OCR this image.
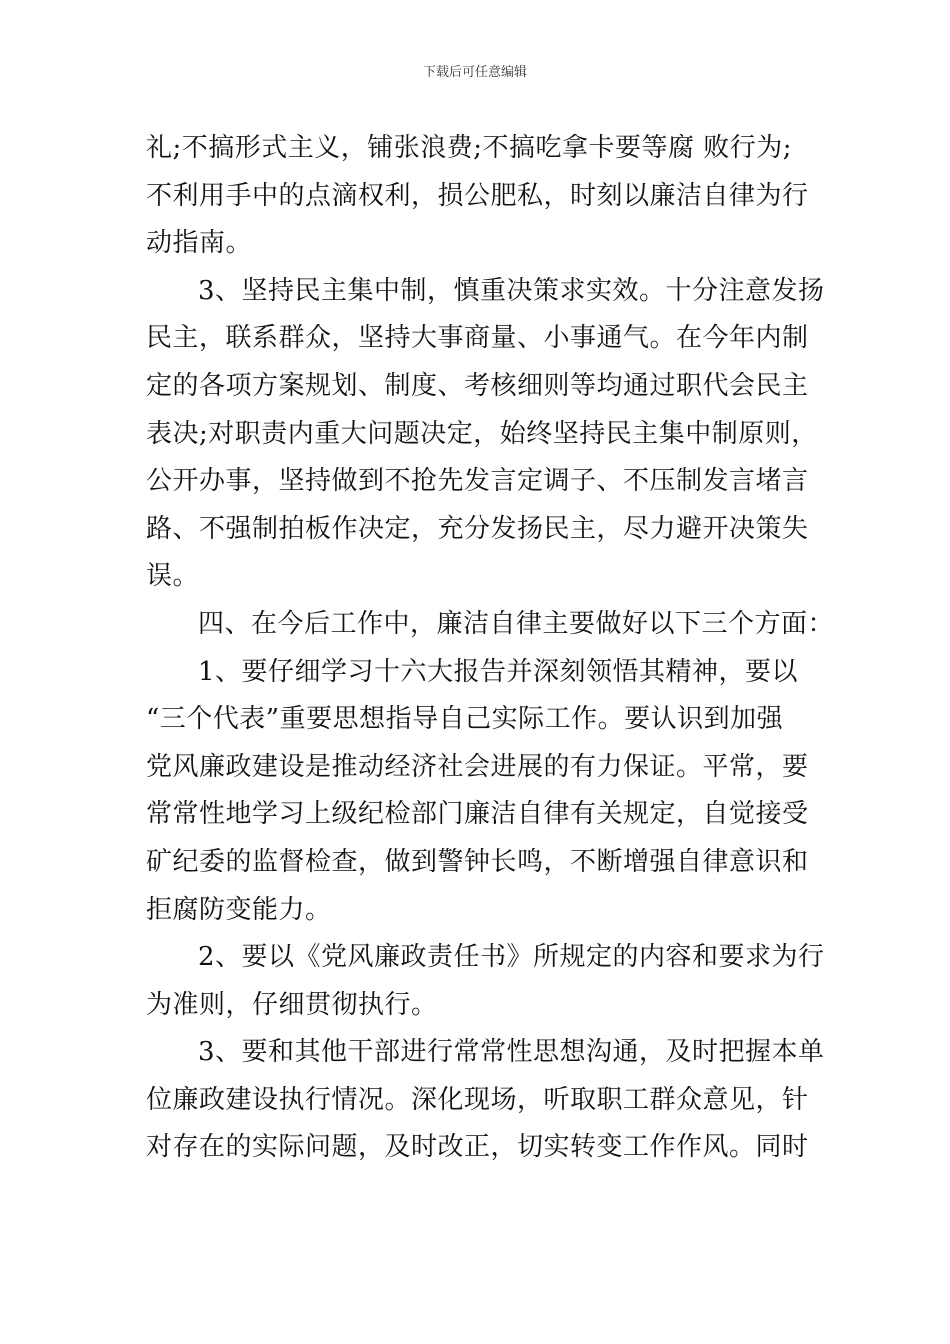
下载后可任意编辑
礼;不搞形式主义，铺张浪费;不搞吃拿卡要等腐 败行为;
不利用手中的点滴权利，损公肥私，时刻以廉洁自律为行
动指南。
3、坚持民主集中制，慎重决策求实效。十分注意发扬
民主，联系群众，坚持大事商量、小事通气。在今年内制
定的各项方案规划、制度、考核细则等均通过职代会民主
表决;对职责内重大问题决定，始终坚持民主集中制原则，
公开办事，坚持做到不抢先发言定调子、不压制发言堵言
路、不强制拍板作决定，充分发扬民主，尽力避开决策失
误。
四、在今后工作中，廉洁自律主要做好以下三个方面：
1、要仔细学习十六大报告并深刻领悟其精神，要以
“三个代表”重要思想指导自己实际工作。要认识到加强
党风廉政建设是推动经济社会进展的有力保证。平常，要
常常性地学习上级纪检部门廉洁自律有关规定，自觉接受
矿纪委的监督检查，做到警钟长鸣，不断增强自律意识和
拒腐防变能力。
2、要以《党风廉政责任书》所规定的内容和要求为行
为准则，仔细贯彻执行。
3、要和其他干部进行常常性思想沟通，及时把握本单
位廉政建设执行情况。深化现场，听取职工群众意见，针
对存在的实际问题，及时改正，切实转变工作作风。同时
